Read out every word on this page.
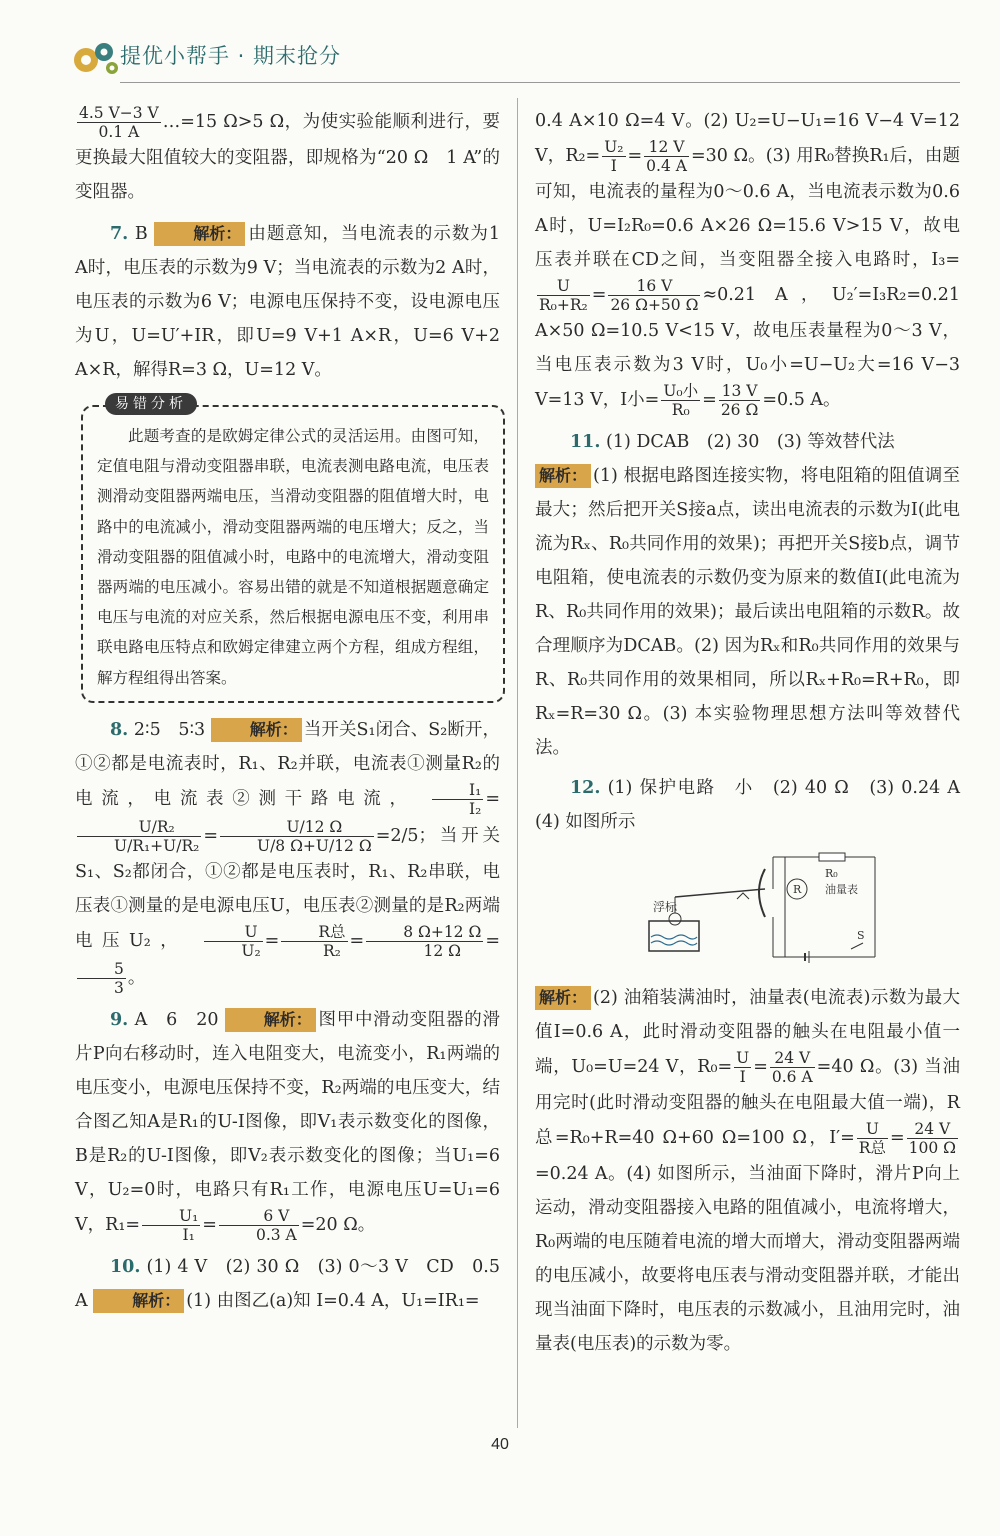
提优小帮手 · 期末抢分

$\frac{4.5 V-3 V}{0.1 A}$ …=15 Ω>5 Ω，为使实验能顺利进行，要更换最大阻值较大的变阻器，即规格为“20 Ω　1 A”的变阻器。

7. B	解析： 由题意知，当电流表的示数为1 A时，电压表的示数为9 V；当电流表的示数为2 A时，电压表的示数为6 V；电源电压保持不变，设电源电压为U，U=U′+IR，即U=9 V+1 A×R，U=6 V+2 A×R，解得R=3 Ω，U=12 V。

易错分析

此题考查的是欧姆定律公式的灵活运用。由图可知，定值电阻与滑动变阻器串联，电流表测电路电流，电压表测滑动变阻器两端电压，当滑动变阻器的阻值增大时，电路中的电流减小，滑动变阻器两端的电压增大；反之，当滑动变阻器的阻值减小时，电路中的电流增大，滑动变阻器两端的电压减小。容易出错的就是不知道根据题意确定电压与电流的对应关系，然后根据电源电压不变，利用串联电路电压特点和欧姆定律建立两个方程，组成方程组，解方程组得出答案。

8. 2∶5　5∶3	解析： 当开关S₁闭合、S₂断开，①②都是电流表时，R₁、R₂并联，电流表①测量R₂的电流，电流表②测干路电流， $\frac{\text{I₁}}{\text{I₂}}$ =
$\frac{\text{U/R₂}}{\text{U/R₁+U/R₂}} = \frac{U/12 \Omega}{U/8 \Omega+U/12 \Omega} =2/5$；当开关S₁、S₂都闭合，①②都是电压表时，R₁、R₂串联，电压表①测量的是电源电压U，电压表②测量的是R₂两端电压U₂， $\frac{U}{\text{U₂}} = \frac{\text{R总}}{\text{R₂}} = \frac{8 \Omega+12 \Omega}{12 \Omega}$ =
$\frac{5}{3}$ 。

9. A　6　20	解析： 图甲中滑动变阻器的滑片P向右移动时，连入电阻变大，电流变小，R₁两端的电压变小，电源电压保持不变，R₂两端的电压变大，结合图乙知A是R₁的U-I图像，即V₁表示数变化的图像，B是R₂的U-I图像，即V₂表示数变化的图像；当U₁=6 V，U₂=0时，电路只有R₁工作，电源电压U=U₁=6 V，$R_1= \frac{\text{U₁}}{\text{I₁}} = \frac{6 V}{0.3 A} =20$ Ω。

10. (1) 4 V　(2) 30 Ω　(3) 0～3 V　CD　0.5 A	解析： (1) 由图乙(a)知 I=0.4 A，U₁=IR₁=

0.4 A×10 Ω=4 V。(2) U₂=U−U₁=16 V−4 V=12 V，$R_2= \frac{\text{U₂}}{I} = \frac{12 V}{0.4 A} =30$ Ω。(3) 用R₀替换R₁后，由题可知，电流表的量程为0～0.6 A，当电流表示数为0.6 A时，U=I₂R₀=0.6 A×26 Ω=15.6 V>15 V，故电压表并联在CD之间，当变阻器全接入电路时，I₃=
$\frac{U}{\text{R₀+R₂}} = \frac{16 V}{26 \Omega+50 \Omega} \approx 0.21$ A，U₂′=I₃R₂=0.21 A×50 Ω=10.5 V<15 V，故电压表量程为0～3 V，当电压表示数为3 V时，U₀小=U−U₂大=16 V−3 V=13 V，I小= $\frac{\text{U₀小}}{\text{R₀}} = \frac{13 V}{26 \Omega} =0.5$ A。

11. (1) DCAB　(2) 30　(3) 等效替代法

解析： (1) 根据电路图连接实物，将电阻箱的阻值调至最大；然后把开关S接a点，读出电流表的示数为I(此电流为Rₓ、R₀共同作用的效果)；再把开关S接b点，调节电阻箱，使电流表的示数仍变为原来的数值I(此电流为R、R₀共同作用的效果)；最后读出电阻箱的示数R。故合理顺序为DCAB。(2) 因为Rₓ和R₀共同作用的效果与R、R₀共同作用的效果相同，所以Rₓ+R₀=R+R₀，即Rₓ=R=30 Ω。(3) 本实验物理思想方法叫等效替代法。

12. (1) 保护电路　小　(2) 40 Ω　(3) 0.24 A　(4) 如图所示

浮标
R₀
油量表
R
S

解析： (2) 油箱装满油时，油量表(电流表)示数为最大值I=0.6 A，此时滑动变阻器的触头在电阻最小值一端，U₀=U=24 V，$R_0= \frac{U}{I} = \frac{24 V}{0.6 A} =40$ Ω。(3) 当油用完时(此时滑动变阻器的触头在电阻最大值一端)，R总=R₀+R=40 Ω+60 Ω=100 Ω，$I'= \frac{U}{\text{R总}} = \frac{24 V}{100 \Omega}$
=0.24 A。(4) 如图所示，当油面下降时，滑片P向上运动，滑动变阻器接入电路的阻值减小，电流将增大，R₀两端的电压随着电流的增大而增大，滑动变阻器两端的电压减小，故要将电压表与滑动变阻器并联，才能出现当油面下降时，电压表的示数减小，且油用完时，油量表(电压表)的示数为零。

40
